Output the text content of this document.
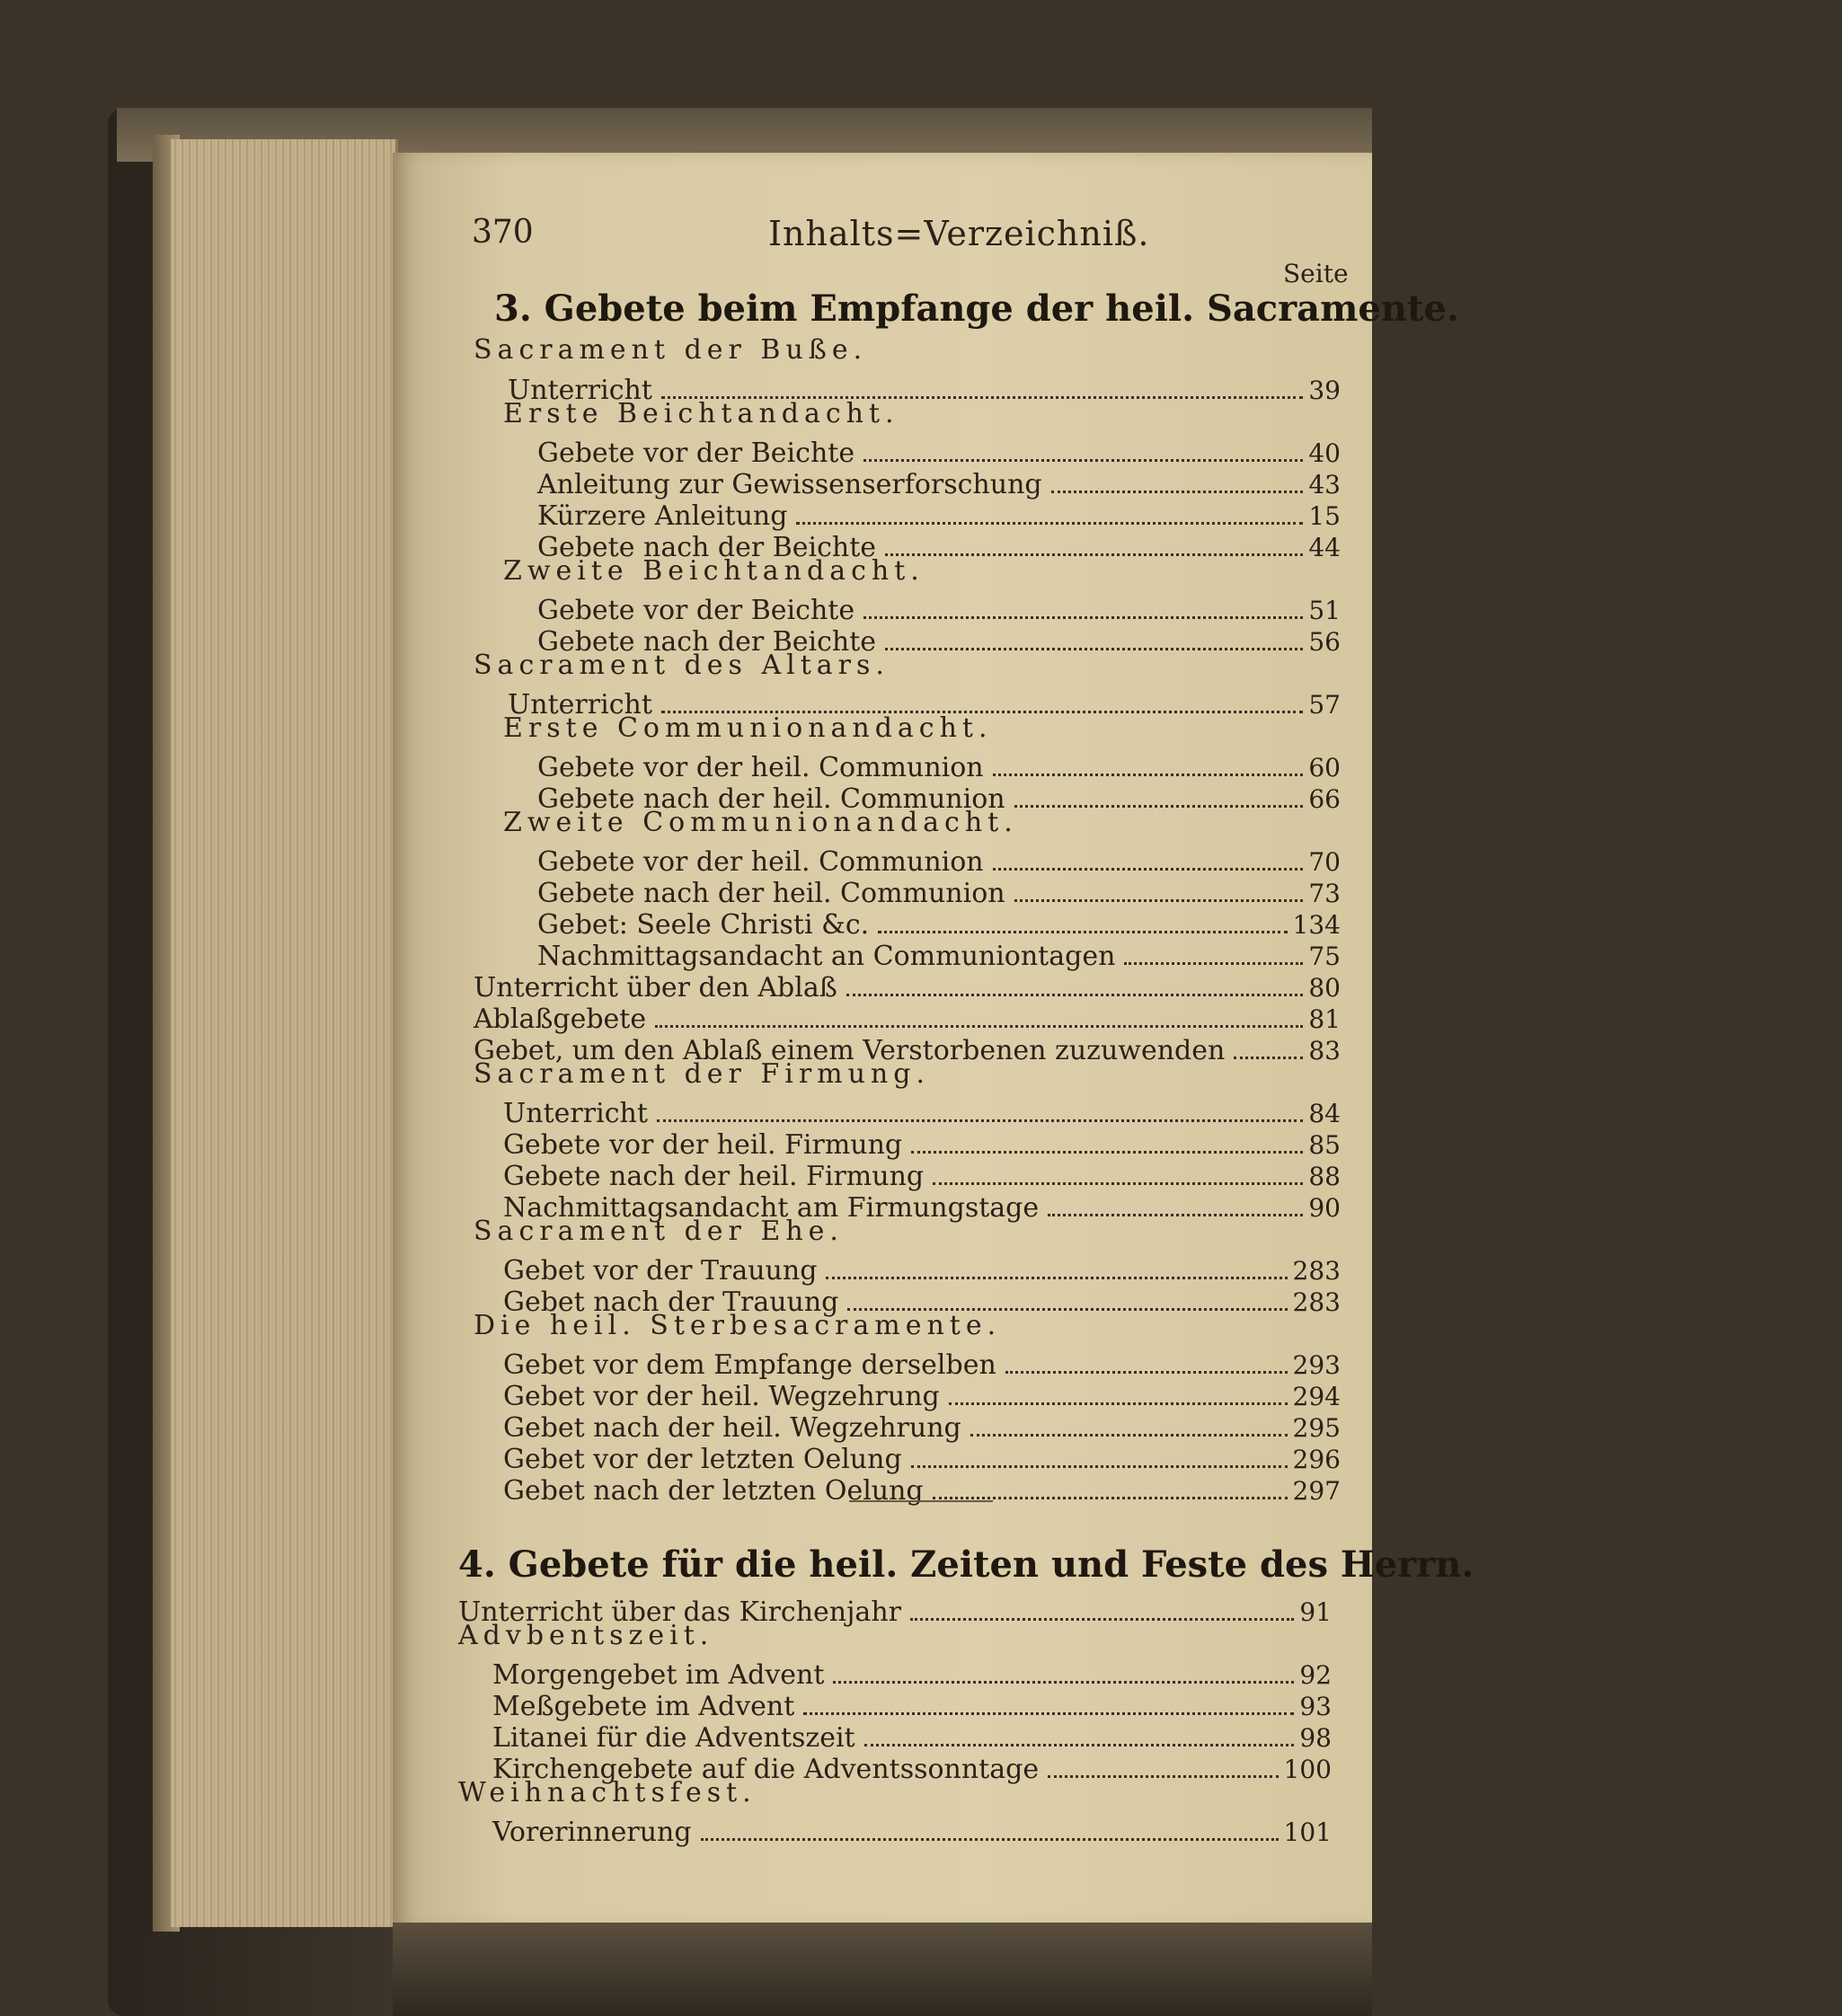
370	Inhalts=Verzeichniß.
Seite
3. Gebete beim Empfange der heil. Sacramente.
Sacrament der Buße.
Unterricht	39
Erste Beichtandacht.
Gebete vor der Beichte	40
Anleitung zur Gewissenserforschung	43
Kürzere Anleitung	15
Gebete nach der Beichte	44
Zweite Beichtandacht.
Gebete vor der Beichte	51
Gebete nach der Beichte	56
Sacrament des Altars.
Unterricht	57
Erste Communionandacht.
Gebete vor der heil. Communion	60
Gebete nach der heil. Communion	66
Zweite Communionandacht.
Gebete vor der heil. Communion	70
Gebete nach der heil. Communion	73
Gebet: Seele Christi &c.	134
Nachmittagsandacht an Communiontagen	75
Unterricht über den Ablaß	80
Ablaßgebete	81
Gebet, um den Ablaß einem Verstorbenen zuzuwenden	83
Sacrament der Firmung.
Unterricht	84
Gebete vor der heil. Firmung	85
Gebete nach der heil. Firmung	88
Nachmittagsandacht am Firmungstage	90
Sacrament der Ehe.
Gebet vor der Trauung	283
Gebet nach der Trauung	283
Die heil. Sterbesacramente.
Gebet vor dem Empfange derselben	293
Gebet vor der heil. Wegzehrung	294
Gebet nach der heil. Wegzehrung	295
Gebet vor der letzten Oelung	296
Gebet nach der letzten Oelung	297
4. Gebete für die heil. Zeiten und Feste des Herrn.
Unterricht über das Kirchenjahr	91
Advbentszeit.
Morgengebet im Advent	92
Meßgebete im Advent	93
Litanei für die Adventszeit	98
Kirchengebete auf die Adventssonntage	100
Weihnachtsfest.
Vorerinnerung	101
